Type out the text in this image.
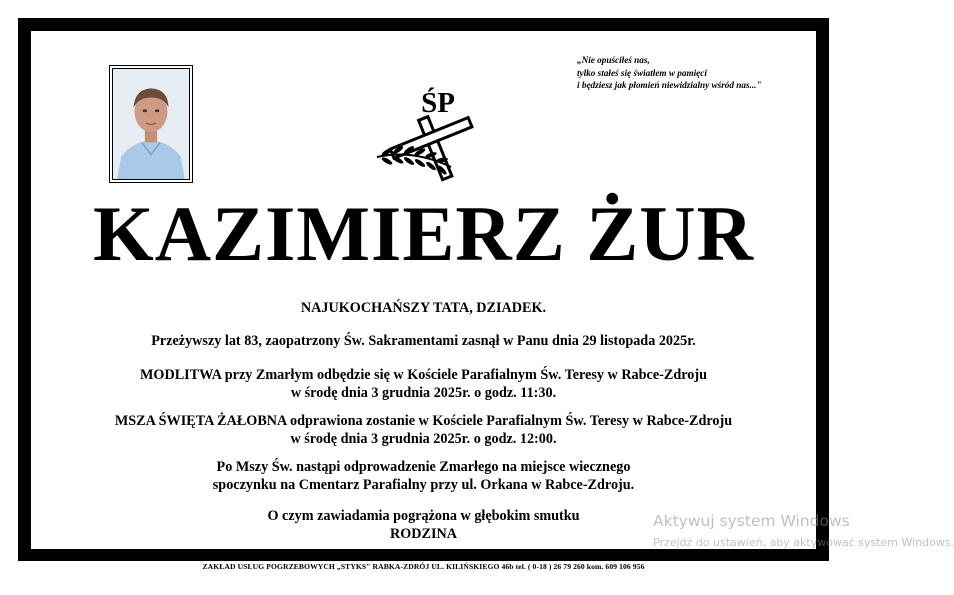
ŚP
„Nie opuściłeś nas,
tylko stałeś się światłem w pamięci
i będziesz jak płomień niewidzialny wśród nas..."
KAZIMIERZ ŻUR
NAJUKOCHAŃSZY TATA, DZIADEK.
Przeżywszy lat 83, zaopatrzony Św. Sakramentami zasnął w Panu dnia 29 listopada 2025r.
MODLITWA przy Zmarłym odbędzie się w Kościele Parafialnym Św. Teresy w Rabce-Zdroju
w środę dnia 3 grudnia 2025r. o godz. 11:30.
MSZA ŚWIĘTA ŻAŁOBNA odprawiona zostanie w Kościele Parafialnym Św. Teresy w Rabce-Zdroju
w środę dnia 3 grudnia 2025r. o godz. 12:00.
Po Mszy Św. nastąpi odprowadzenie Zmarłego na miejsce wiecznego
spoczynku na Cmentarz Parafialny przy ul. Orkana w Rabce-Zdroju.
O czym zawiadamia pogrążona w głębokim smutku
RODZINA
ZAKŁAD USŁUG POGRZEBOWYCH „STYKS" RABKA-ZDRÓJ UL. KILIŃSKIEGO 46b tel. ( 0-18 ) 26 79 260 kom. 609 106 956
Aktywuj system Windows
Przejdź do ustawień, aby aktywować system Windows.
